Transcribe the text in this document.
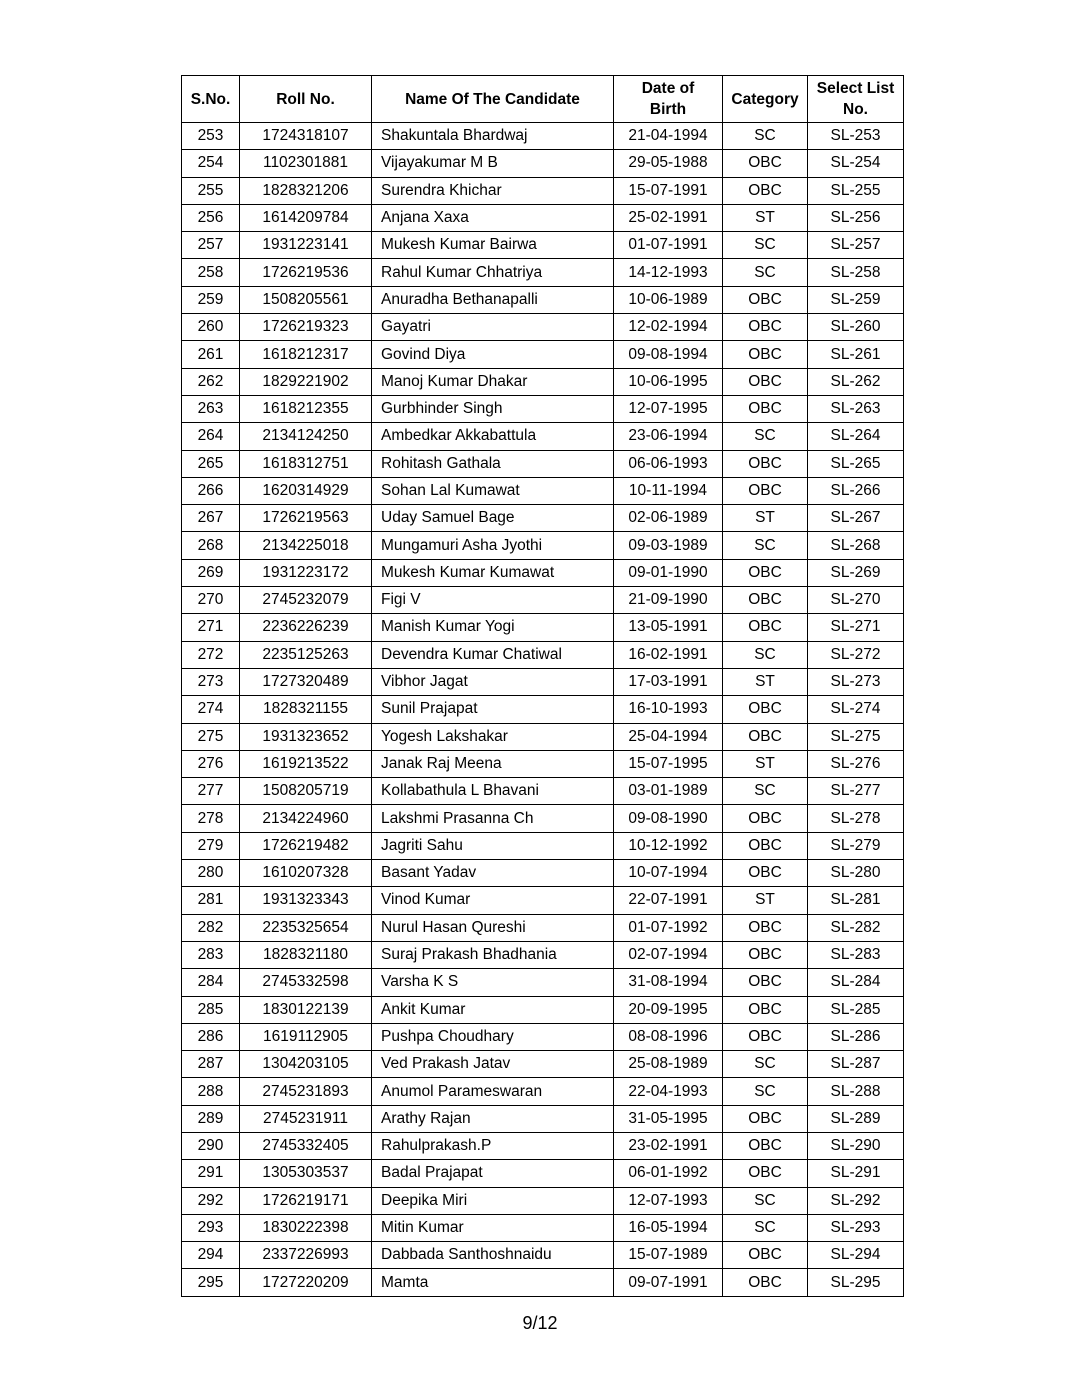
S.No.	Roll No.	Name Of The Candidate	Date of Birth	Category	Select List No.
253	1724318107	Shakuntala Bhardwaj	21-04-1994	SC	SL-253
254	1102301881	Vijayakumar M B	29-05-1988	OBC	SL-254
255	1828321206	Surendra Khichar	15-07-1991	OBC	SL-255
256	1614209784	Anjana Xaxa	25-02-1991	ST	SL-256
257	1931223141	Mukesh Kumar Bairwa	01-07-1991	SC	SL-257
258	1726219536	Rahul Kumar Chhatriya	14-12-1993	SC	SL-258
259	1508205561	Anuradha Bethanapalli	10-06-1989	OBC	SL-259
260	1726219323	Gayatri	12-02-1994	OBC	SL-260
261	1618212317	Govind Diya	09-08-1994	OBC	SL-261
262	1829221902	Manoj Kumar Dhakar	10-06-1995	OBC	SL-262
263	1618212355	Gurbhinder Singh	12-07-1995	OBC	SL-263
264	2134124250	Ambedkar Akkabattula	23-06-1994	SC	SL-264
265	1618312751	Rohitash Gathala	06-06-1993	OBC	SL-265
266	1620314929	Sohan Lal Kumawat	10-11-1994	OBC	SL-266
267	1726219563	Uday Samuel Bage	02-06-1989	ST	SL-267
268	2134225018	Mungamuri Asha Jyothi	09-03-1989	SC	SL-268
269	1931223172	Mukesh Kumar Kumawat	09-01-1990	OBC	SL-269
270	2745232079	Figi V	21-09-1990	OBC	SL-270
271	2236226239	Manish Kumar Yogi	13-05-1991	OBC	SL-271
272	2235125263	Devendra Kumar Chatiwal	16-02-1991	SC	SL-272
273	1727320489	Vibhor Jagat	17-03-1991	ST	SL-273
274	1828321155	Sunil Prajapat	16-10-1993	OBC	SL-274
275	1931323652	Yogesh Lakshakar	25-04-1994	OBC	SL-275
276	1619213522	Janak Raj Meena	15-07-1995	ST	SL-276
277	1508205719	Kollabathula L Bhavani	03-01-1989	SC	SL-277
278	2134224960	Lakshmi Prasanna Ch	09-08-1990	OBC	SL-278
279	1726219482	Jagriti Sahu	10-12-1992	OBC	SL-279
280	1610207328	Basant Yadav	10-07-1994	OBC	SL-280
281	1931323343	Vinod Kumar	22-07-1991	ST	SL-281
282	2235325654	Nurul Hasan Qureshi	01-07-1992	OBC	SL-282
283	1828321180	Suraj Prakash Bhadhania	02-07-1994	OBC	SL-283
284	2745332598	Varsha K S	31-08-1994	OBC	SL-284
285	1830122139	Ankit Kumar	20-09-1995	OBC	SL-285
286	1619112905	Pushpa Choudhary	08-08-1996	OBC	SL-286
287	1304203105	Ved Prakash Jatav	25-08-1989	SC	SL-287
288	2745231893	Anumol Parameswaran	22-04-1993	SC	SL-288
289	2745231911	Arathy Rajan	31-05-1995	OBC	SL-289
290	2745332405	Rahulprakash.P	23-02-1991	OBC	SL-290
291	1305303537	Badal Prajapat	06-01-1992	OBC	SL-291
292	1726219171	Deepika Miri	12-07-1993	SC	SL-292
293	1830222398	Mitin Kumar	16-05-1994	SC	SL-293
294	2337226993	Dabbada Santhoshnaidu	15-07-1989	OBC	SL-294
295	1727220209	Mamta	09-07-1991	OBC	SL-295
9/12
